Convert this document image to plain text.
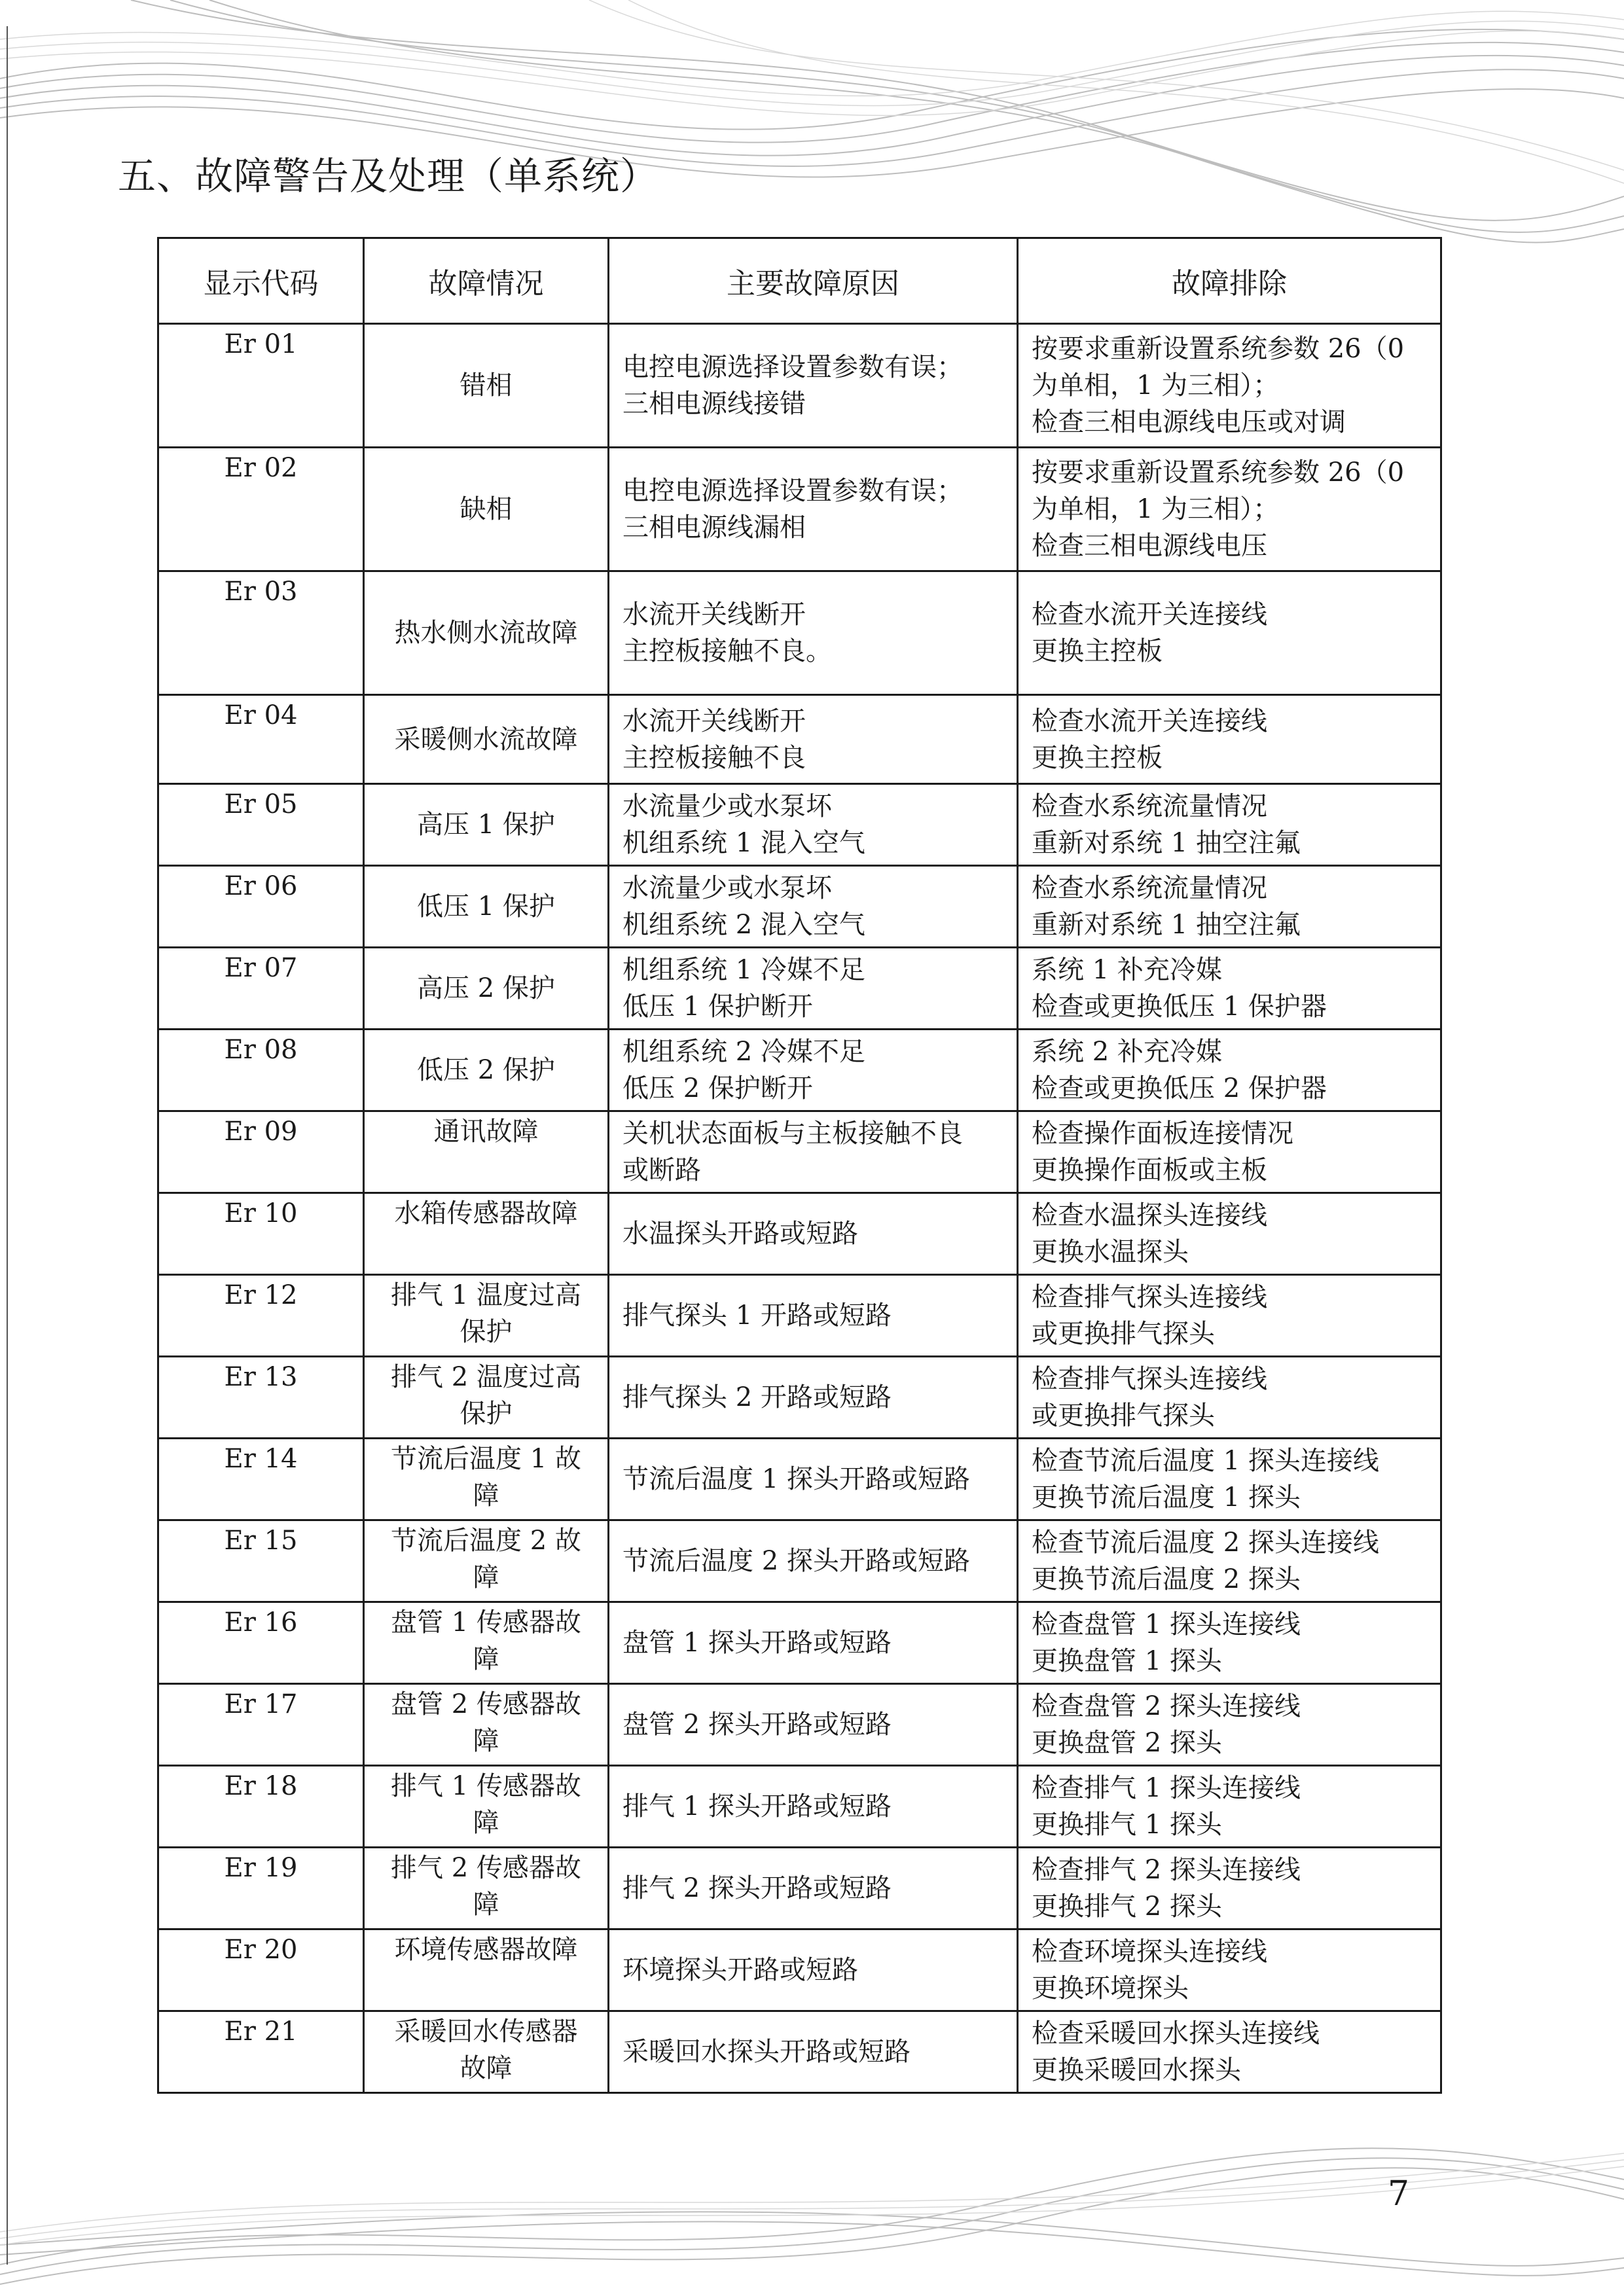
五、故障警告及处理（单系统）
显示代码	故障情况	主要故障原因	故障排除
Er 01	错相	电控电源选择设置参数有误；
三相电源线接错	按要求重新设置系统参数 26（0
为单相，1 为三相）；
检查三相电源线电压或对调
Er 02	缺相	电控电源选择设置参数有误；
三相电源线漏相	按要求重新设置系统参数 26（0
为单相，1 为三相）；
检查三相电源线电压
Er 03	热水侧水流故障	水流开关线断开
主控板接触不良。	检查水流开关连接线
更换主控板
Er 04	采暖侧水流故障	水流开关线断开
主控板接触不良	检查水流开关连接线
更换主控板
Er 05	高压 1 保护	水流量少或水泵坏
机组系统 1 混入空气	检查水系统流量情况
重新对系统 1 抽空注氟
Er 06	低压 1 保护	水流量少或水泵坏
机组系统 2 混入空气	检查水系统流量情况
重新对系统 1 抽空注氟
Er 07	高压 2 保护	机组系统 1 冷媒不足
低压 1 保护断开	系统 1 补充冷媒
检查或更换低压 1 保护器
Er 08	低压 2 保护	机组系统 2 冷媒不足
低压 2 保护断开	系统 2 补充冷媒
检查或更换低压 2 保护器
Er 09	通讯故障	关机状态面板与主板接触不良
或断路	检查操作面板连接情况
更换操作面板或主板
Er 10	水箱传感器故障	水温探头开路或短路	检查水温探头连接线
更换水温探头
Er 12	排气 1 温度过高
保护	排气探头 1 开路或短路	检查排气探头连接线
或更换排气探头
Er 13	排气 2 温度过高
保护	排气探头 2 开路或短路	检查排气探头连接线
或更换排气探头
Er 14	节流后温度 1 故
障	节流后温度 1 探头开路或短路	检查节流后温度 1 探头连接线
更换节流后温度 1 探头
Er 15	节流后温度 2 故
障	节流后温度 2 探头开路或短路	检查节流后温度 2 探头连接线
更换节流后温度 2 探头
Er 16	盘管 1 传感器故
障	盘管 1 探头开路或短路	检查盘管 1 探头连接线
更换盘管 1 探头
Er 17	盘管 2 传感器故
障	盘管 2 探头开路或短路	检查盘管 2 探头连接线
更换盘管 2 探头
Er 18	排气 1 传感器故
障	排气 1 探头开路或短路	检查排气 1 探头连接线
更换排气 1 探头
Er 19	排气 2 传感器故
障	排气 2 探头开路或短路	检查排气 2 探头连接线
更换排气 2 探头
Er 20	环境传感器故障	环境探头开路或短路	检查环境探头连接线
更换环境探头
Er 21	采暖回水传感器
故障	采暖回水探头开路或短路	检查采暖回水探头连接线
更换采暖回水探头
7
